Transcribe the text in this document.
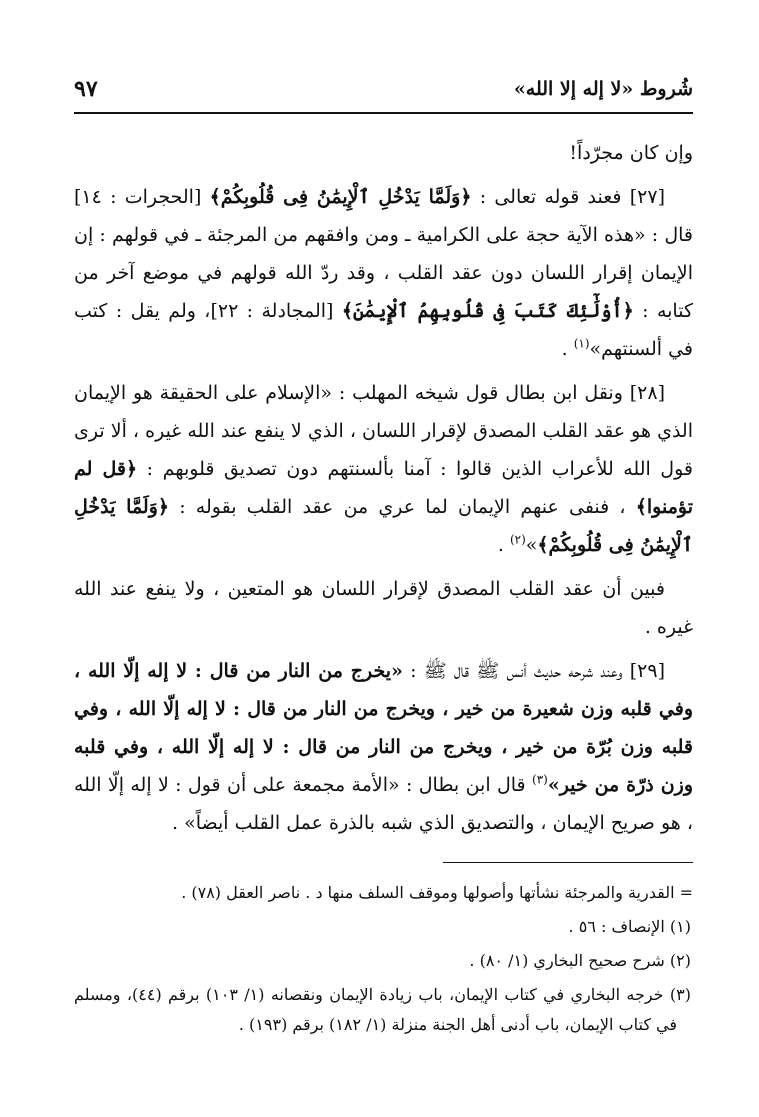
شُروط «لا إله إلا الله»
٩٧

وإن كان مجرّداً!

[٢٧] فعند قوله تعالى : ﴿وَلَمَّا يَدْخُلِ ٱلْإِيمَٰنُ فِى قُلُوبِكُمْ﴾ [الحجرات : ١٤] قال : «هذه الآية حجة على الكرامية ـ ومن وافقهم من المرجئة ـ في قولهم : إن الإيمان إقرار اللسان دون عقد القلب ، وقد ردّ الله قولهم في موضع آخر من كتابه : ﴿أُوْلَٰٓئِكَ كَتَبَ فِى قُلُوبِهِمُ ٱلْإِيمَٰنَ﴾ [المجادلة : ٢٢]، ولم يقل : كتب في ألسنتهم»$^{(١)}$ .

[٢٨] ونقل ابن بطال قول شيخه المهلب : «الإسلام على الحقيقة هو الإيمان الذي هو عقد القلب المصدق لإقرار اللسان ، الذي لا ينفع عند الله غيره ، ألا ترى قول الله للأعراب الذين قالوا : آمنا بألسنتهم دون تصديق قلوبهم : ﴿قل لم تؤمنوا﴾ ، فنفى عنهم الإيمان لما عري من عقد القلب بقوله : ﴿وَلَمَّا يَدْخُلِ ٱلْإِيمَٰنُ فِى قُلُوبِكُمْ﴾»$^{(٢)}$ .

فبين أن عقد القلب المصدق لإقرار اللسان هو المتعين ، ولا ينفع عند الله غيره .

[٢٩] وعند شرحه حديث أنس ﷺ قال ﷺ : «يخرج من النار من قال : لا إله إلّا الله ، وفي قلبه وزن شعيرة من خير ، ويخرج من النار من قال : لا إله إلّا الله ، وفي قلبه وزن بُرّة من خير ، ويخرج من النار من قال : لا إله إلّا الله ، وفي قلبه وزن ذرّة من خير»$^{(٣)}$ قال ابن بطال : «الأمة مجمعة على أن قول : لا إله إلّا الله ، هو صريح الإيمان ، والتصديق الذي شبه بالذرة عمل القلب أيضاً» .

= القدرية والمرجئة نشأتها وأصولها وموقف السلف منها د . ناصر العقل (٧٨) .

(١) الإنصاف : ٥٦ .

(٢) شرح صحيح البخاري (١/ ٨٠) .

(٣) خرجه البخاري في كتاب الإيمان، باب زيادة الإيمان ونقصانه (١/ ١٠٣) برقم (٤٤)، ومسلم في كتاب الإيمان، باب أدنى أهل الجنة منزلة (١/ ١٨٢) برقم (١٩٣) .
